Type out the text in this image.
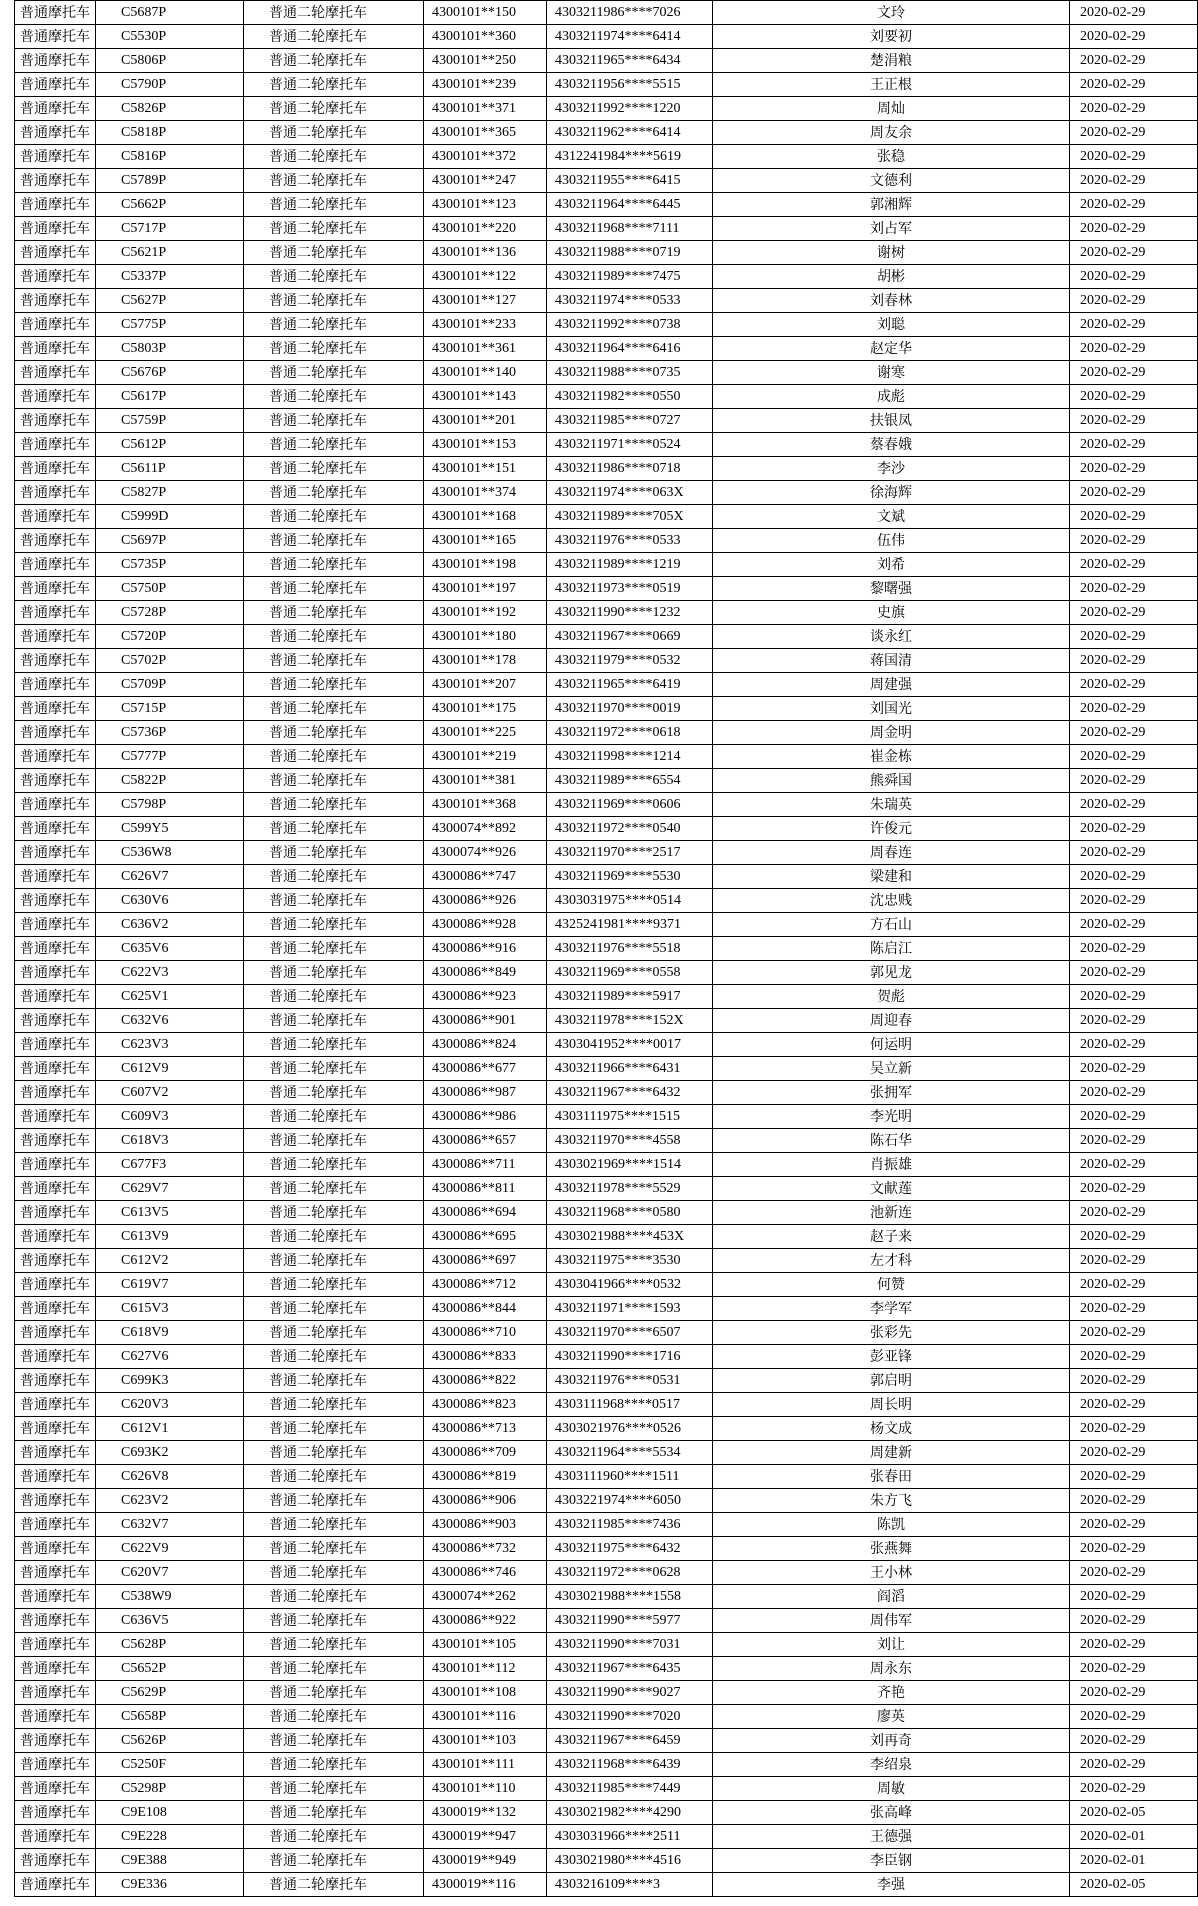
普通摩托车	C5687P	普通二轮摩托车	4300101**150	4303211986****7026	文玲	2020-02-29
普通摩托车	C5530P	普通二轮摩托车	4300101**360	4303211974****6414	刘要初	2020-02-29
普通摩托车	C5806P	普通二轮摩托车	4300101**250	4303211965****6434	楚涓粮	2020-02-29
普通摩托车	C5790P	普通二轮摩托车	4300101**239	4303211956****5515	王正根	2020-02-29
普通摩托车	C5826P	普通二轮摩托车	4300101**371	4303211992****1220	周灿	2020-02-29
普通摩托车	C5818P	普通二轮摩托车	4300101**365	4303211962****6414	周友余	2020-02-29
普通摩托车	C5816P	普通二轮摩托车	4300101**372	4312241984****5619	张稳	2020-02-29
普通摩托车	C5789P	普通二轮摩托车	4300101**247	4303211955****6415	文德利	2020-02-29
普通摩托车	C5662P	普通二轮摩托车	4300101**123	4303211964****6445	郭湘辉	2020-02-29
普通摩托车	C5717P	普通二轮摩托车	4300101**220	4303211968****7111	刘占军	2020-02-29
普通摩托车	C5621P	普通二轮摩托车	4300101**136	4303211988****0719	谢树	2020-02-29
普通摩托车	C5337P	普通二轮摩托车	4300101**122	4303211989****7475	胡彬	2020-02-29
普通摩托车	C5627P	普通二轮摩托车	4300101**127	4303211974****0533	刘春林	2020-02-29
普通摩托车	C5775P	普通二轮摩托车	4300101**233	4303211992****0738	刘聪	2020-02-29
普通摩托车	C5803P	普通二轮摩托车	4300101**361	4303211964****6416	赵定华	2020-02-29
普通摩托车	C5676P	普通二轮摩托车	4300101**140	4303211988****0735	谢寒	2020-02-29
普通摩托车	C5617P	普通二轮摩托车	4300101**143	4303211982****0550	成彪	2020-02-29
普通摩托车	C5759P	普通二轮摩托车	4300101**201	4303211985****0727	扶银凤	2020-02-29
普通摩托车	C5612P	普通二轮摩托车	4300101**153	4303211971****0524	蔡春娥	2020-02-29
普通摩托车	C5611P	普通二轮摩托车	4300101**151	4303211986****0718	李沙	2020-02-29
普通摩托车	C5827P	普通二轮摩托车	4300101**374	4303211974****063X	徐海辉	2020-02-29
普通摩托车	C5999D	普通二轮摩托车	4300101**168	4303211989****705X	文斌	2020-02-29
普通摩托车	C5697P	普通二轮摩托车	4300101**165	4303211976****0533	伍伟	2020-02-29
普通摩托车	C5735P	普通二轮摩托车	4300101**198	4303211989****1219	刘希	2020-02-29
普通摩托车	C5750P	普通二轮摩托车	4300101**197	4303211973****0519	黎曙强	2020-02-29
普通摩托车	C5728P	普通二轮摩托车	4300101**192	4303211990****1232	史旗	2020-02-29
普通摩托车	C5720P	普通二轮摩托车	4300101**180	4303211967****0669	谈永红	2020-02-29
普通摩托车	C5702P	普通二轮摩托车	4300101**178	4303211979****0532	蒋国清	2020-02-29
普通摩托车	C5709P	普通二轮摩托车	4300101**207	4303211965****6419	周建强	2020-02-29
普通摩托车	C5715P	普通二轮摩托车	4300101**175	4303211970****0019	刘国光	2020-02-29
普通摩托车	C5736P	普通二轮摩托车	4300101**225	4303211972****0618	周金明	2020-02-29
普通摩托车	C5777P	普通二轮摩托车	4300101**219	4303211998****1214	崔金栋	2020-02-29
普通摩托车	C5822P	普通二轮摩托车	4300101**381	4303211989****6554	熊舜国	2020-02-29
普通摩托车	C5798P	普通二轮摩托车	4300101**368	4303211969****0606	朱瑞英	2020-02-29
普通摩托车	C599Y5	普通二轮摩托车	4300074**892	4303211972****0540	许俊元	2020-02-29
普通摩托车	C536W8	普通二轮摩托车	4300074**926	4303211970****2517	周春连	2020-02-29
普通摩托车	C626V7	普通二轮摩托车	4300086**747	4303211969****5530	梁建和	2020-02-29
普通摩托车	C630V6	普通二轮摩托车	4300086**926	4303031975****0514	沈忠贱	2020-02-29
普通摩托车	C636V2	普通二轮摩托车	4300086**928	4325241981****9371	方石山	2020-02-29
普通摩托车	C635V6	普通二轮摩托车	4300086**916	4303211976****5518	陈启江	2020-02-29
普通摩托车	C622V3	普通二轮摩托车	4300086**849	4303211969****0558	郭见龙	2020-02-29
普通摩托车	C625V1	普通二轮摩托车	4300086**923	4303211989****5917	贺彪	2020-02-29
普通摩托车	C632V6	普通二轮摩托车	4300086**901	4303211978****152X	周迎春	2020-02-29
普通摩托车	C623V3	普通二轮摩托车	4300086**824	4303041952****0017	何运明	2020-02-29
普通摩托车	C612V9	普通二轮摩托车	4300086**677	4303211966****6431	吴立新	2020-02-29
普通摩托车	C607V2	普通二轮摩托车	4300086**987	4303211967****6432	张拥军	2020-02-29
普通摩托车	C609V3	普通二轮摩托车	4300086**986	4303111975****1515	李光明	2020-02-29
普通摩托车	C618V3	普通二轮摩托车	4300086**657	4303211970****4558	陈石华	2020-02-29
普通摩托车	C677F3	普通二轮摩托车	4300086**711	4303021969****1514	肖振雄	2020-02-29
普通摩托车	C629V7	普通二轮摩托车	4300086**811	4303211978****5529	文献莲	2020-02-29
普通摩托车	C613V5	普通二轮摩托车	4300086**694	4303211968****0580	池新连	2020-02-29
普通摩托车	C613V9	普通二轮摩托车	4300086**695	4303021988****453X	赵子来	2020-02-29
普通摩托车	C612V2	普通二轮摩托车	4300086**697	4303211975****3530	左才科	2020-02-29
普通摩托车	C619V7	普通二轮摩托车	4300086**712	4303041966****0532	何赞	2020-02-29
普通摩托车	C615V3	普通二轮摩托车	4300086**844	4303211971****1593	李学军	2020-02-29
普通摩托车	C618V9	普通二轮摩托车	4300086**710	4303211970****6507	张彩先	2020-02-29
普通摩托车	C627V6	普通二轮摩托车	4300086**833	4303211990****1716	彭亚锋	2020-02-29
普通摩托车	C699K3	普通二轮摩托车	4300086**822	4303211976****0531	郭启明	2020-02-29
普通摩托车	C620V3	普通二轮摩托车	4300086**823	4303111968****0517	周长明	2020-02-29
普通摩托车	C612V1	普通二轮摩托车	4300086**713	4303021976****0526	杨文成	2020-02-29
普通摩托车	C693K2	普通二轮摩托车	4300086**709	4303211964****5534	周建新	2020-02-29
普通摩托车	C626V8	普通二轮摩托车	4300086**819	4303111960****1511	张春田	2020-02-29
普通摩托车	C623V2	普通二轮摩托车	4300086**906	4303221974****6050	朱方飞	2020-02-29
普通摩托车	C632V7	普通二轮摩托车	4300086**903	4303211985****7436	陈凯	2020-02-29
普通摩托车	C622V9	普通二轮摩托车	4300086**732	4303211975****6432	张燕舞	2020-02-29
普通摩托车	C620V7	普通二轮摩托车	4300086**746	4303211972****0628	王小林	2020-02-29
普通摩托车	C538W9	普通二轮摩托车	4300074**262	4303021988****1558	阎滔	2020-02-29
普通摩托车	C636V5	普通二轮摩托车	4300086**922	4303211990****5977	周伟军	2020-02-29
普通摩托车	C5628P	普通二轮摩托车	4300101**105	4303211990****7031	刘让	2020-02-29
普通摩托车	C5652P	普通二轮摩托车	4300101**112	4303211967****6435	周永东	2020-02-29
普通摩托车	C5629P	普通二轮摩托车	4300101**108	4303211990****9027	齐艳	2020-02-29
普通摩托车	C5658P	普通二轮摩托车	4300101**116	4303211990****7020	廖英	2020-02-29
普通摩托车	C5626P	普通二轮摩托车	4300101**103	4303211967****6459	刘再奇	2020-02-29
普通摩托车	C5250F	普通二轮摩托车	4300101**111	4303211968****6439	李绍泉	2020-02-29
普通摩托车	C5298P	普通二轮摩托车	4300101**110	4303211985****7449	周敏	2020-02-29
普通摩托车	C9E108	普通二轮摩托车	4300019**132	4303021982****4290	张高峰	2020-02-05
普通摩托车	C9E228	普通二轮摩托车	4300019**947	4303031966****2511	王德强	2020-02-01
普通摩托车	C9E388	普通二轮摩托车	4300019**949	4303021980****4516	李臣钢	2020-02-01
普通摩托车	C9E336	普通二轮摩托车	4300019**116	4303216109****3	李强	2020-02-05
